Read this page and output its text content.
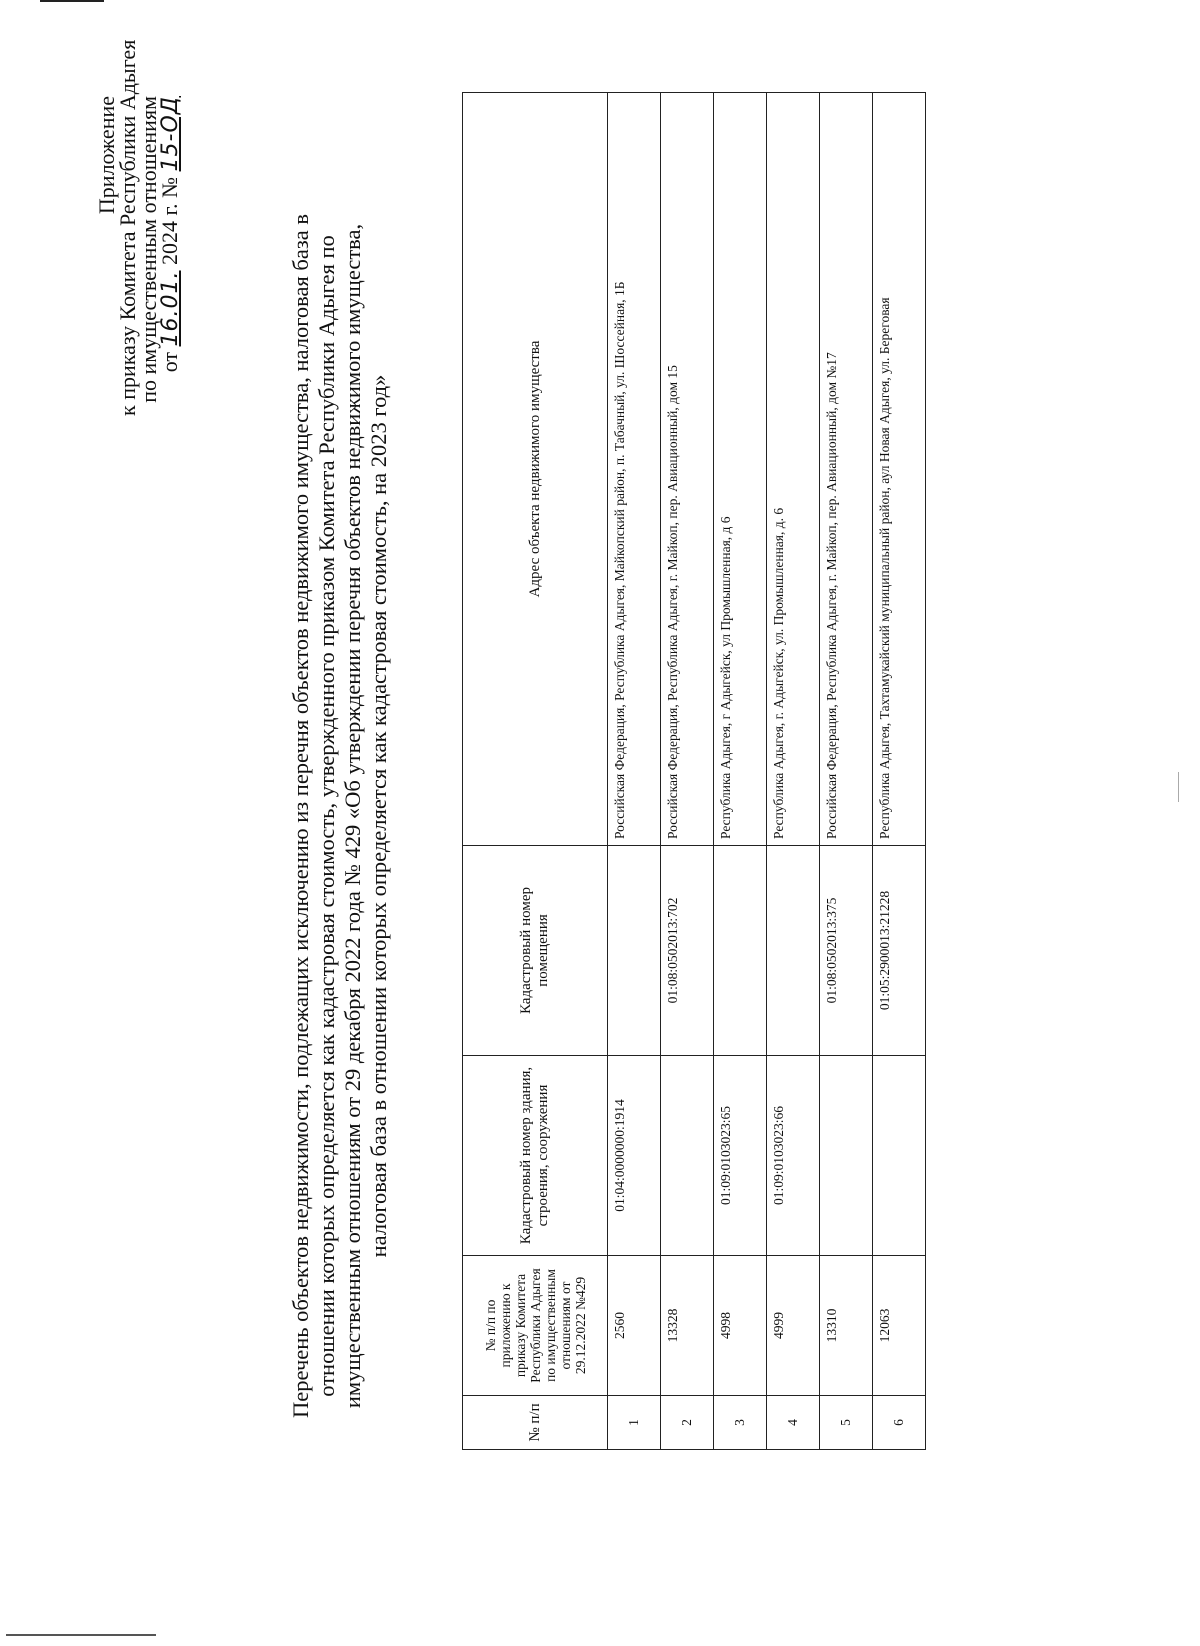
Приложение
к приказу Комитета Республики Адыгея
по имущественным отношениям
от 16.01. 2024 г. № 15-ОД
Перечень объектов недвижимости, подлежащих исключению из перечня объектов недвижимого имущества, налоговая база в отношении которых определяется как кадастровая стоимость, утвержденного приказом Комитета Республики Адыгея по имущественным отношениям от 29 декабря 2022 года № 429 «Об утверждении перечня объектов недвижимого имущества, налоговая база в отношении которых определяется как кадастровая стоимость, на 2023 год»
№ п/п	№ п/п по приложению к приказу Комитета Республики Адыгея по имущественным отношениям от 29.12.2022 №429	Кадастровый номер здания, строения, сооружения	Кадастровый номер помещения	Адрес объекта недвижимого имущества
1	2560	01:04:0000000:1914		Российская Федерация, Республика Адыгея, Майкопский район, п. Табачный, ул. Шоссейная, 1Б
2	13328		01:08:0502013:702	Российская Федерация, Республика Адыгея, г. Майкоп, пер. Авиационный, дом 15
3	4998	01:09:0103023:65		Республика Адыгея, г Адыгейск, ул Промышленная, д 6
4	4999	01:09:0103023:66		Республика Адыгея, г. Адыгейск, ул. Промышленная, д. 6
5	13310		01:08:0502013:375	Российская Федерация, Республика Адыгея, г. Майкоп, пер. Авиационный, дом №17
6	12063		01:05:2900013:21228	Республика Адыгея, Тахтамукайский муниципальный район, аул Новая Адыгея, ул. Береговая
